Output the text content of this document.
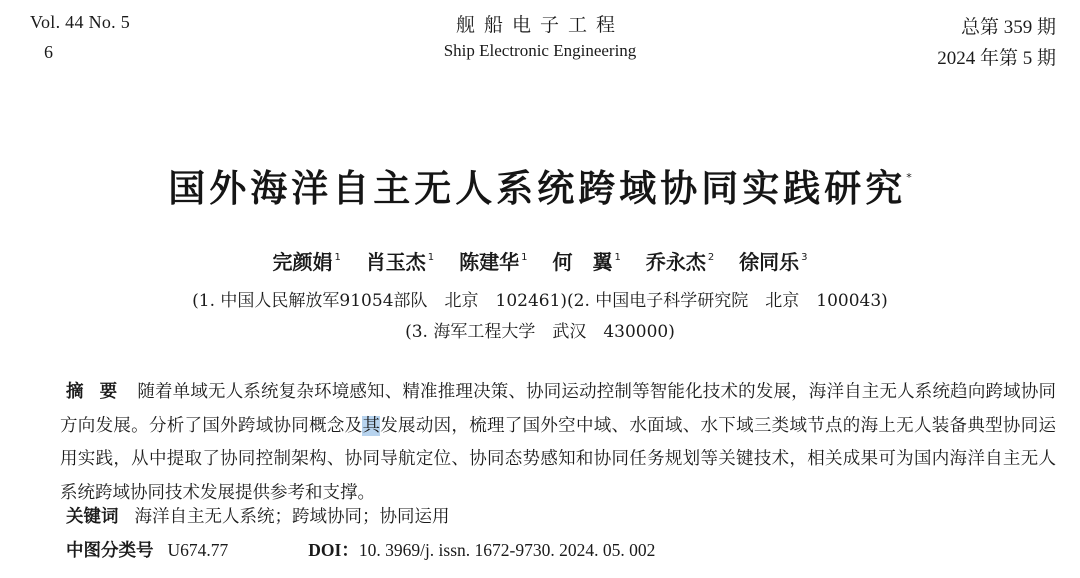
Vol. 44 No. 5
6
舰船电子工程
Ship Electronic Engineering
总第 359 期
2024 年第 5 期
国外海洋自主无人系统跨域协同实践研究*
完颜娟 $^1$ 肖玉杰 $^1$ 陈建华 $^1$ 何　翼 $^1$ 乔永杰 $^2$ 徐同乐 $^3$
(1. 中国人民解放军91054部队　北京　102461)(2. 中国电子科学研究院　北京　100043)
(3. 海军工程大学　武汉　430000)
摘要 随着单域无人系统复杂环境感知、精准推理决策、协同运动控制等智能化技术的发展，海洋自主无人系统趋向跨域协同方向发展。分析了国外跨域协同概念及其发展动因，梳理了国外空中域、水面域、水下域三类域节点的海上无人装备典型协同运用实践，从中提取了协同控制架构、协同导航定位、协同态势感知和协同任务规划等关键技术，相关成果可为国内海洋自主无人系统跨域协同技术发展提供参考和支撑。
关键词 海洋自主无人系统；跨域协同；协同运用
中图分类号 U674.77	DOI：10. 3969/j. issn. 1672-9730. 2024. 05. 002
